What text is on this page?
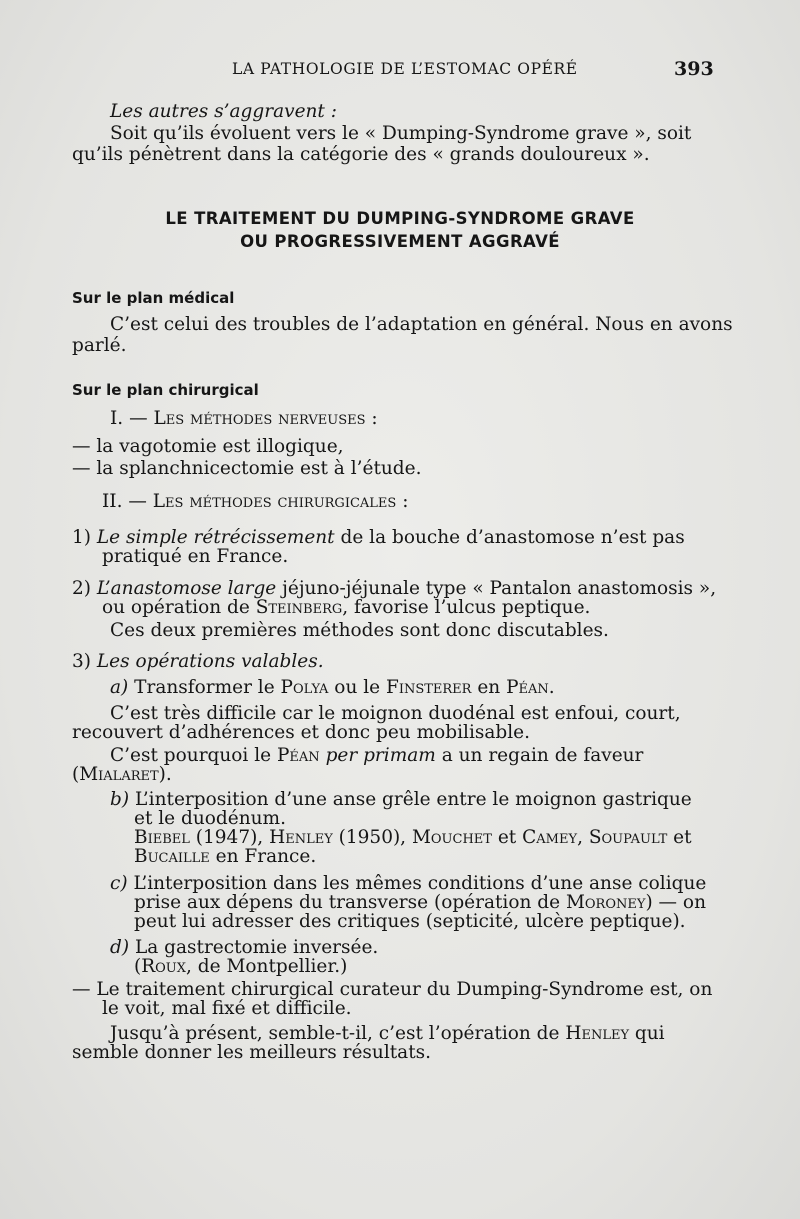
LA PATHOLOGIE DE L’ESTOMAC OPÉRÉ	393
Les autres s’aggravent :
Soit qu’ils évoluent vers le « Dumping-Syndrome grave », soit
qu’ils pénètrent dans la catégorie des « grands douloureux ».
LE TRAITEMENT DU DUMPING-SYNDROME GRAVE
OU PROGRESSIVEMENT AGGRAVÉ
Sur le plan médical
C’est celui des troubles de l’adaptation en général. Nous en avons
parlé.
Sur le plan chirurgical
I. — Les méthodes nerveuses :
— la vagotomie est illogique,
— la splanchnicectomie est à l’étude.
II. — Les méthodes chirurgicales :
1) Le simple rétrécissement de la bouche d’anastomose n’est pas
pratiqué en France.
2) L’anastomose large jéjuno-jéjunale type « Pantalon anastomosis »,
ou opération de Steinberg, favorise l’ulcus peptique.
Ces deux premières méthodes sont donc discutables.
3) Les opérations valables.
a) Transformer le Polya ou le Finsterer en Péan.
C’est très difficile car le moignon duodénal est enfoui, court,
recouvert d’adhérences et donc peu mobilisable.
C’est pourquoi le Péan per primam a un regain de faveur
(Mialaret).
b) L’interposition d’une anse grêle entre le moignon gastrique
et le duodénum.
Biebel (1947), Henley (1950), Mouchet et Camey, Soupault et
Bucaille en France.
c) L’interposition dans les mêmes conditions d’une anse colique
prise aux dépens du transverse (opération de Moroney) — on
peut lui adresser des critiques (septicité, ulcère peptique).
d) La gastrectomie inversée.
(Roux, de Montpellier.)
— Le traitement chirurgical curateur du Dumping-Syndrome est, on
le voit, mal fixé et difficile.
Jusqu’à présent, semble-t-il, c’est l’opération de Henley qui
semble donner les meilleurs résultats.
